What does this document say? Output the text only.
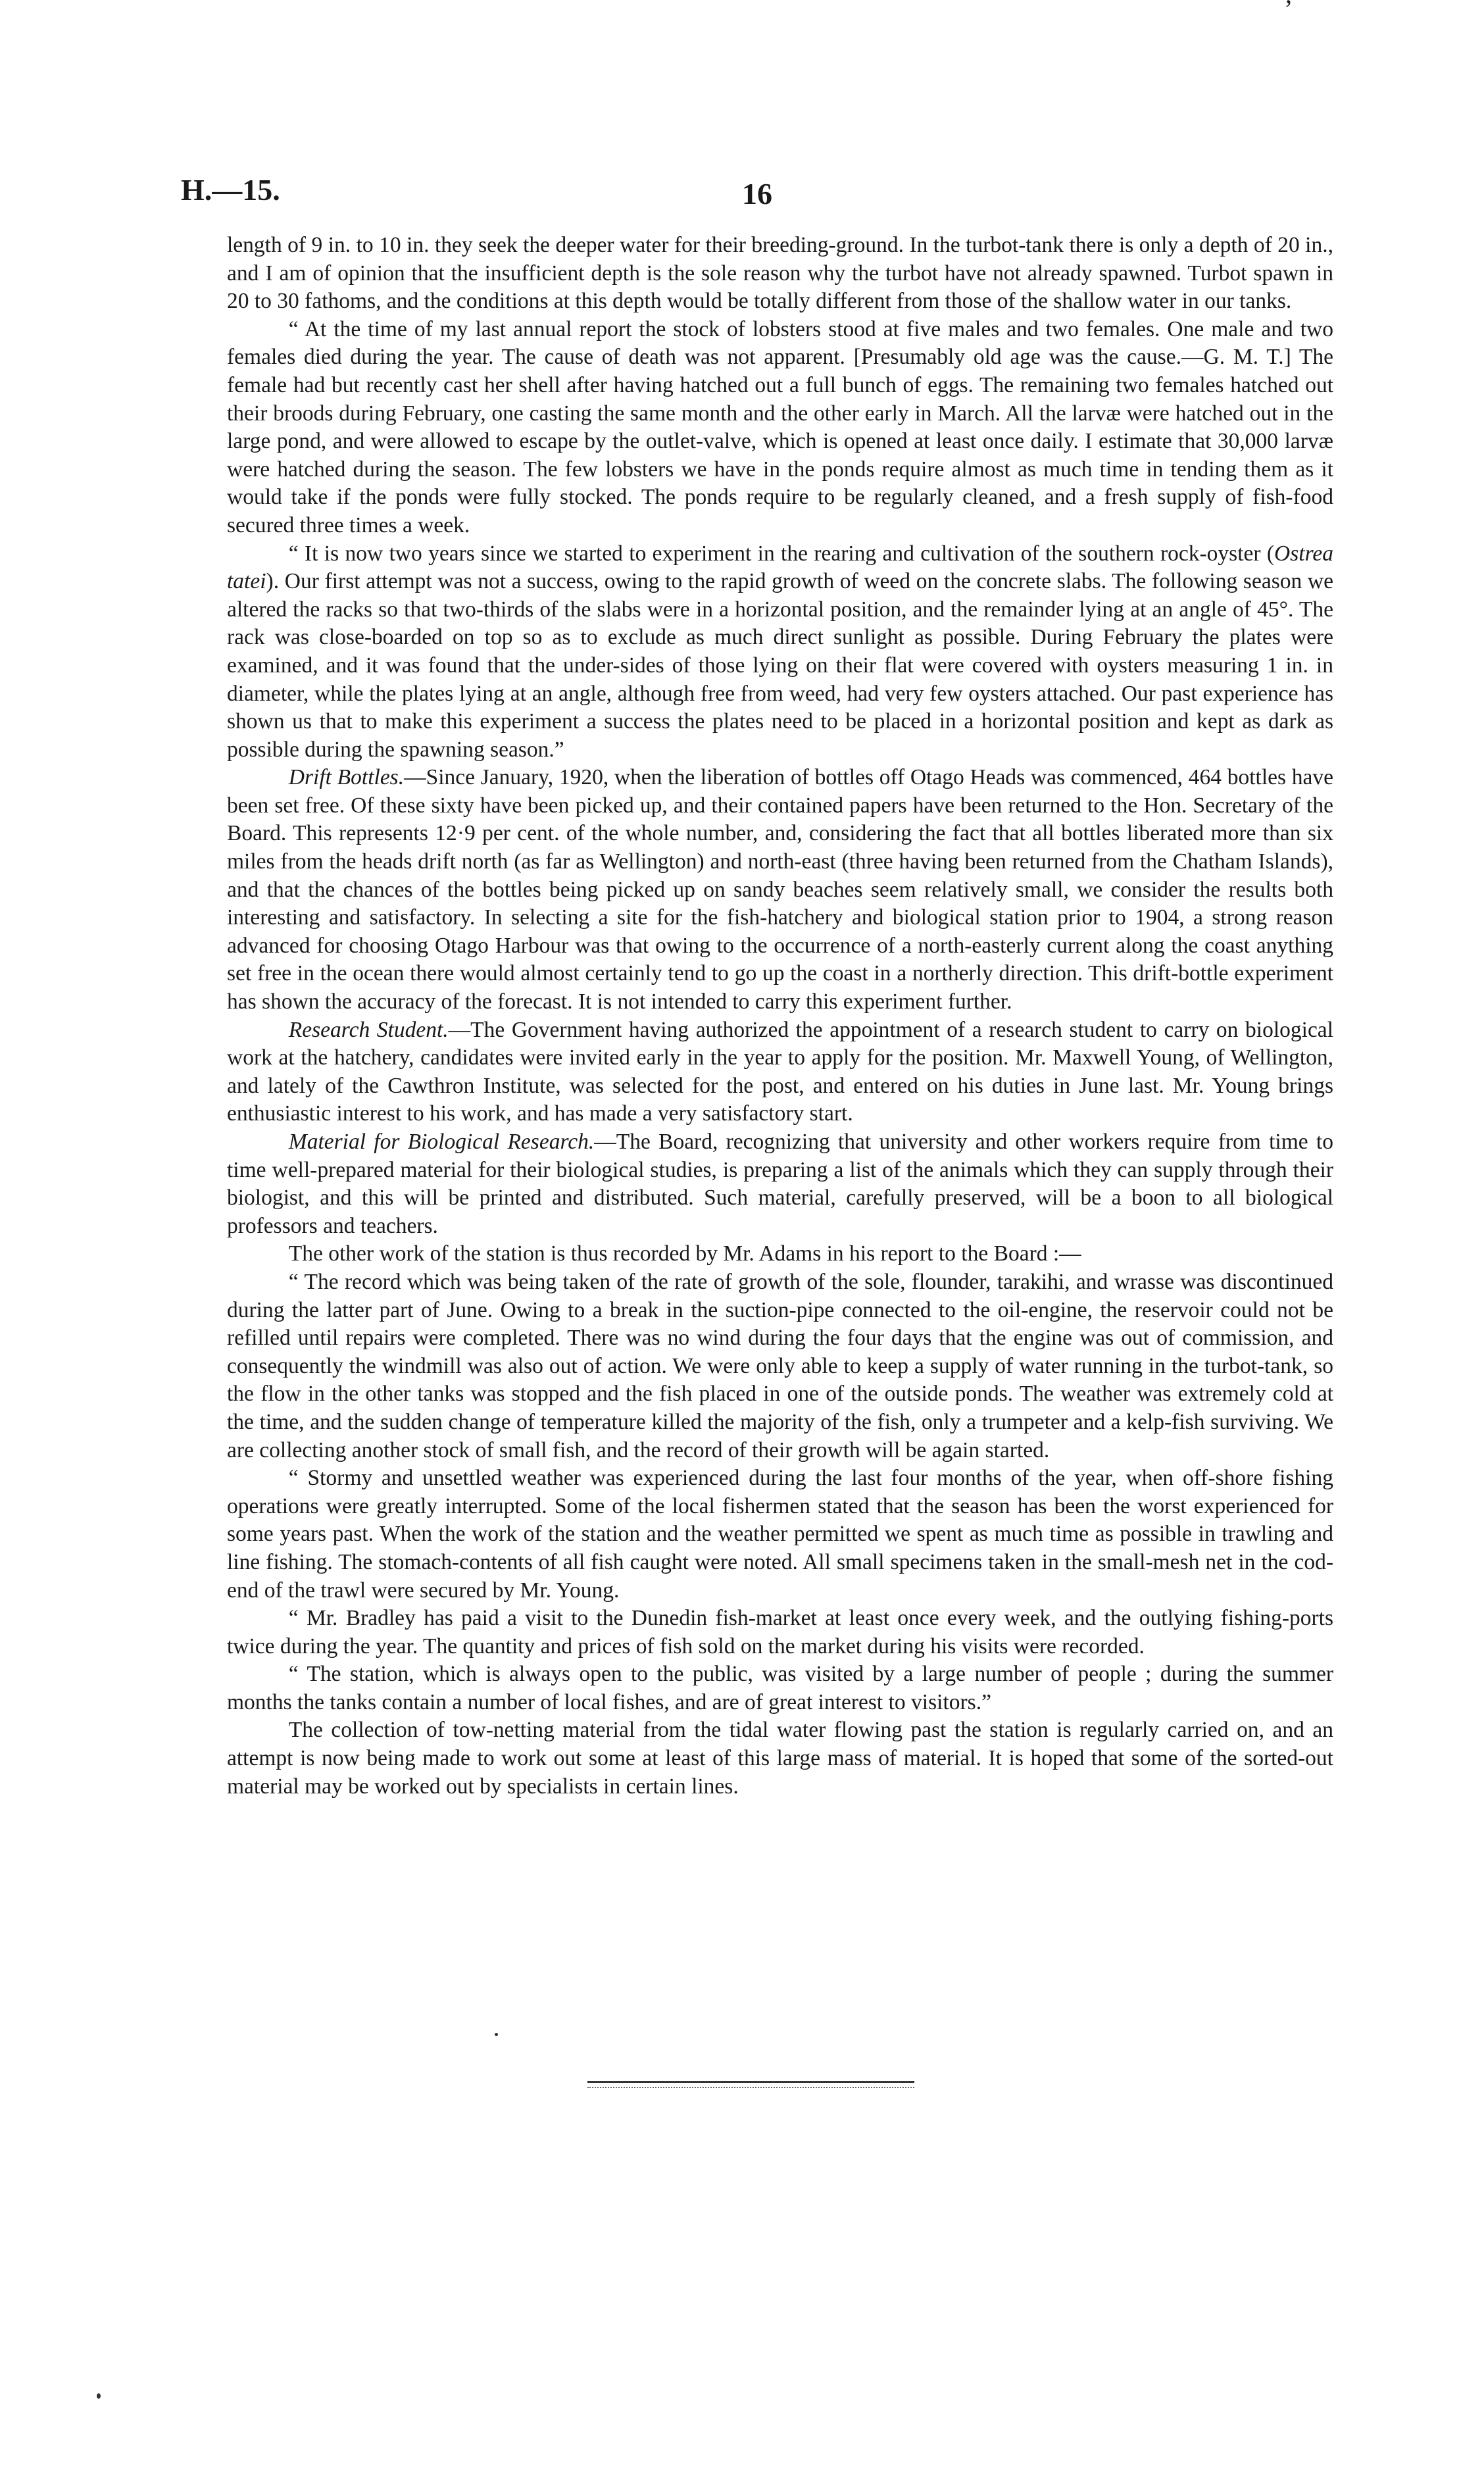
’
H.—15.	16

length of 9 in. to 10 in. they seek the deeper water for their breeding-ground. In the turbot-tank there is only a depth of 20 in., and I am of opinion that the insufficient depth is the sole reason why the turbot have not already spawned. Turbot spawn in 20 to 30 fathoms, and the conditions at this depth would be totally different from those of the shallow water in our tanks.

“ At the time of my last annual report the stock of lobsters stood at five males and two females. One male and two females died during the year. The cause of death was not apparent. [Presumably old age was the cause.—G. M. T.] The female had but recently cast her shell after having hatched out a full bunch of eggs. The remaining two females hatched out their broods during February, one casting the same month and the other early in March. All the larvæ were hatched out in the large pond, and were allowed to escape by the outlet-valve, which is opened at least once daily. I estimate that 30,000 larvæ were hatched during the season. The few lobsters we have in the ponds require almost as much time in tending them as it would take if the ponds were fully stocked. The ponds require to be regularly cleaned, and a fresh supply of fish-food secured three times a week.

“ It is now two years since we started to experiment in the rearing and cultivation of the southern rock-oyster (Ostrea tatei). Our first attempt was not a success, owing to the rapid growth of weed on the concrete slabs. The following season we altered the racks so that two-thirds of the slabs were in a horizontal position, and the remainder lying at an angle of 45°. The rack was close-boarded on top so as to exclude as much direct sunlight as possible. During February the plates were examined, and it was found that the under-sides of those lying on their flat were covered with oysters measuring 1 in. in diameter, while the plates lying at an angle, although free from weed, had very few oysters attached. Our past experience has shown us that to make this experiment a success the plates need to be placed in a horizontal position and kept as dark as possible during the spawning season.”

Drift Bottles.—Since January, 1920, when the liberation of bottles off Otago Heads was commenced, 464 bottles have been set free. Of these sixty have been picked up, and their contained papers have been returned to the Hon. Secretary of the Board. This represents 12·9 per cent. of the whole number, and, considering the fact that all bottles liberated more than six miles from the heads drift north (as far as Wellington) and north-east (three having been returned from the Chatham Islands), and that the chances of the bottles being picked up on sandy beaches seem relatively small, we consider the results both interesting and satisfactory. In selecting a site for the fish-hatchery and biological station prior to 1904, a strong reason advanced for choosing Otago Harbour was that owing to the occurrence of a north-easterly current along the coast anything set free in the ocean there would almost certainly tend to go up the coast in a northerly direction. This drift-bottle experiment has shown the accuracy of the forecast. It is not intended to carry this experiment further.

Research Student.—The Government having authorized the appointment of a research student to carry on biological work at the hatchery, candidates were invited early in the year to apply for the position. Mr. Maxwell Young, of Wellington, and lately of the Cawthron Institute, was selected for the post, and entered on his duties in June last. Mr. Young brings enthusiastic interest to his work, and has made a very satisfactory start.

Material for Biological Research.—The Board, recognizing that university and other workers require from time to time well-prepared material for their biological studies, is preparing a list of the animals which they can supply through their biologist, and this will be printed and distributed. Such material, carefully preserved, will be a boon to all biological professors and teachers.

The other work of the station is thus recorded by Mr. Adams in his report to the Board :—

“ The record which was being taken of the rate of growth of the sole, flounder, tarakihi, and wrasse was discontinued during the latter part of June. Owing to a break in the suction-pipe connected to the oil-engine, the reservoir could not be refilled until repairs were completed. There was no wind during the four days that the engine was out of commission, and consequently the windmill was also out of action. We were only able to keep a supply of water running in the turbot-tank, so the flow in the other tanks was stopped and the fish placed in one of the outside ponds. The weather was extremely cold at the time, and the sudden change of temperature killed the majority of the fish, only a trumpeter and a kelp-fish surviving. We are collecting another stock of small fish, and the record of their growth will be again started.

“ Stormy and unsettled weather was experienced during the last four months of the year, when off-shore fishing operations were greatly interrupted. Some of the local fishermen stated that the season has been the worst experienced for some years past. When the work of the station and the weather permitted we spent as much time as possible in trawling and line fishing. The stomach-contents of all fish caught were noted. All small specimens taken in the small-mesh net in the cod-end of the trawl were secured by Mr. Young.

“ Mr. Bradley has paid a visit to the Dunedin fish-market at least once every week, and the outlying fishing-ports twice during the year. The quantity and prices of fish sold on the market during his visits were recorded.

“ The station, which is always open to the public, was visited by a large number of people ; during the summer months the tanks contain a number of local fishes, and are of great interest to visitors.”

The collection of tow-netting material from the tidal water flowing past the station is regularly carried on, and an attempt is now being made to work out some at least of this large mass of material. It is hoped that some of the sorted-out material may be worked out by specialists in certain lines.
